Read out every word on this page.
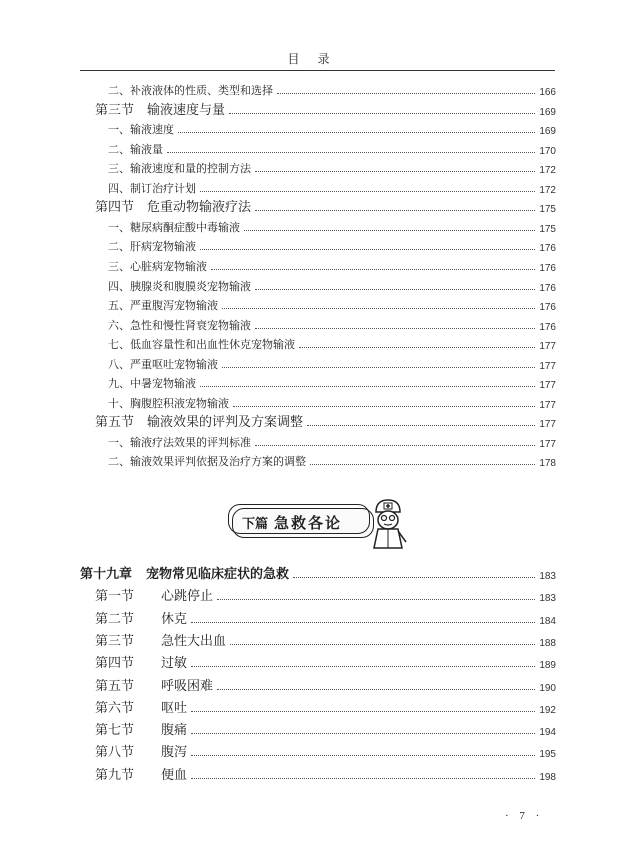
目录
二、补液液体的性质、类型和选择	166
第三节 输液速度与量	169
一、输液速度	169
二、输液量	170
三、输液速度和量的控制方法	172
四、制订治疗计划	172
第四节 危重动物输液疗法	175
一、糖尿病酮症酸中毒输液	175
二、肝病宠物输液	176
三、心脏病宠物输液	176
四、胰腺炎和腹膜炎宠物输液	176
五、严重腹泻宠物输液	176
六、急性和慢性肾衰宠物输液	176
七、低血容量性和出血性休克宠物输液	177
八、严重呕吐宠物输液	177
九、中暑宠物输液	177
十、胸腹腔积液宠物输液	177
第五节 输液效果的评判及方案调整	177
一、输液疗法效果的评判标准	177
二、输液效果评判依据及治疗方案的调整	178
第十九章 宠物常见临床症状的急救	183
第一节 心跳停止	183
第二节 休克	184
第三节 急性大出血	188
第四节 过敏	189
第五节 呼吸困难	190
第六节 呕吐	192
第七节 腹痛	194
第八节 腹泻	195
第九节 便血	198
下篇 急救各论
· 7 ·
